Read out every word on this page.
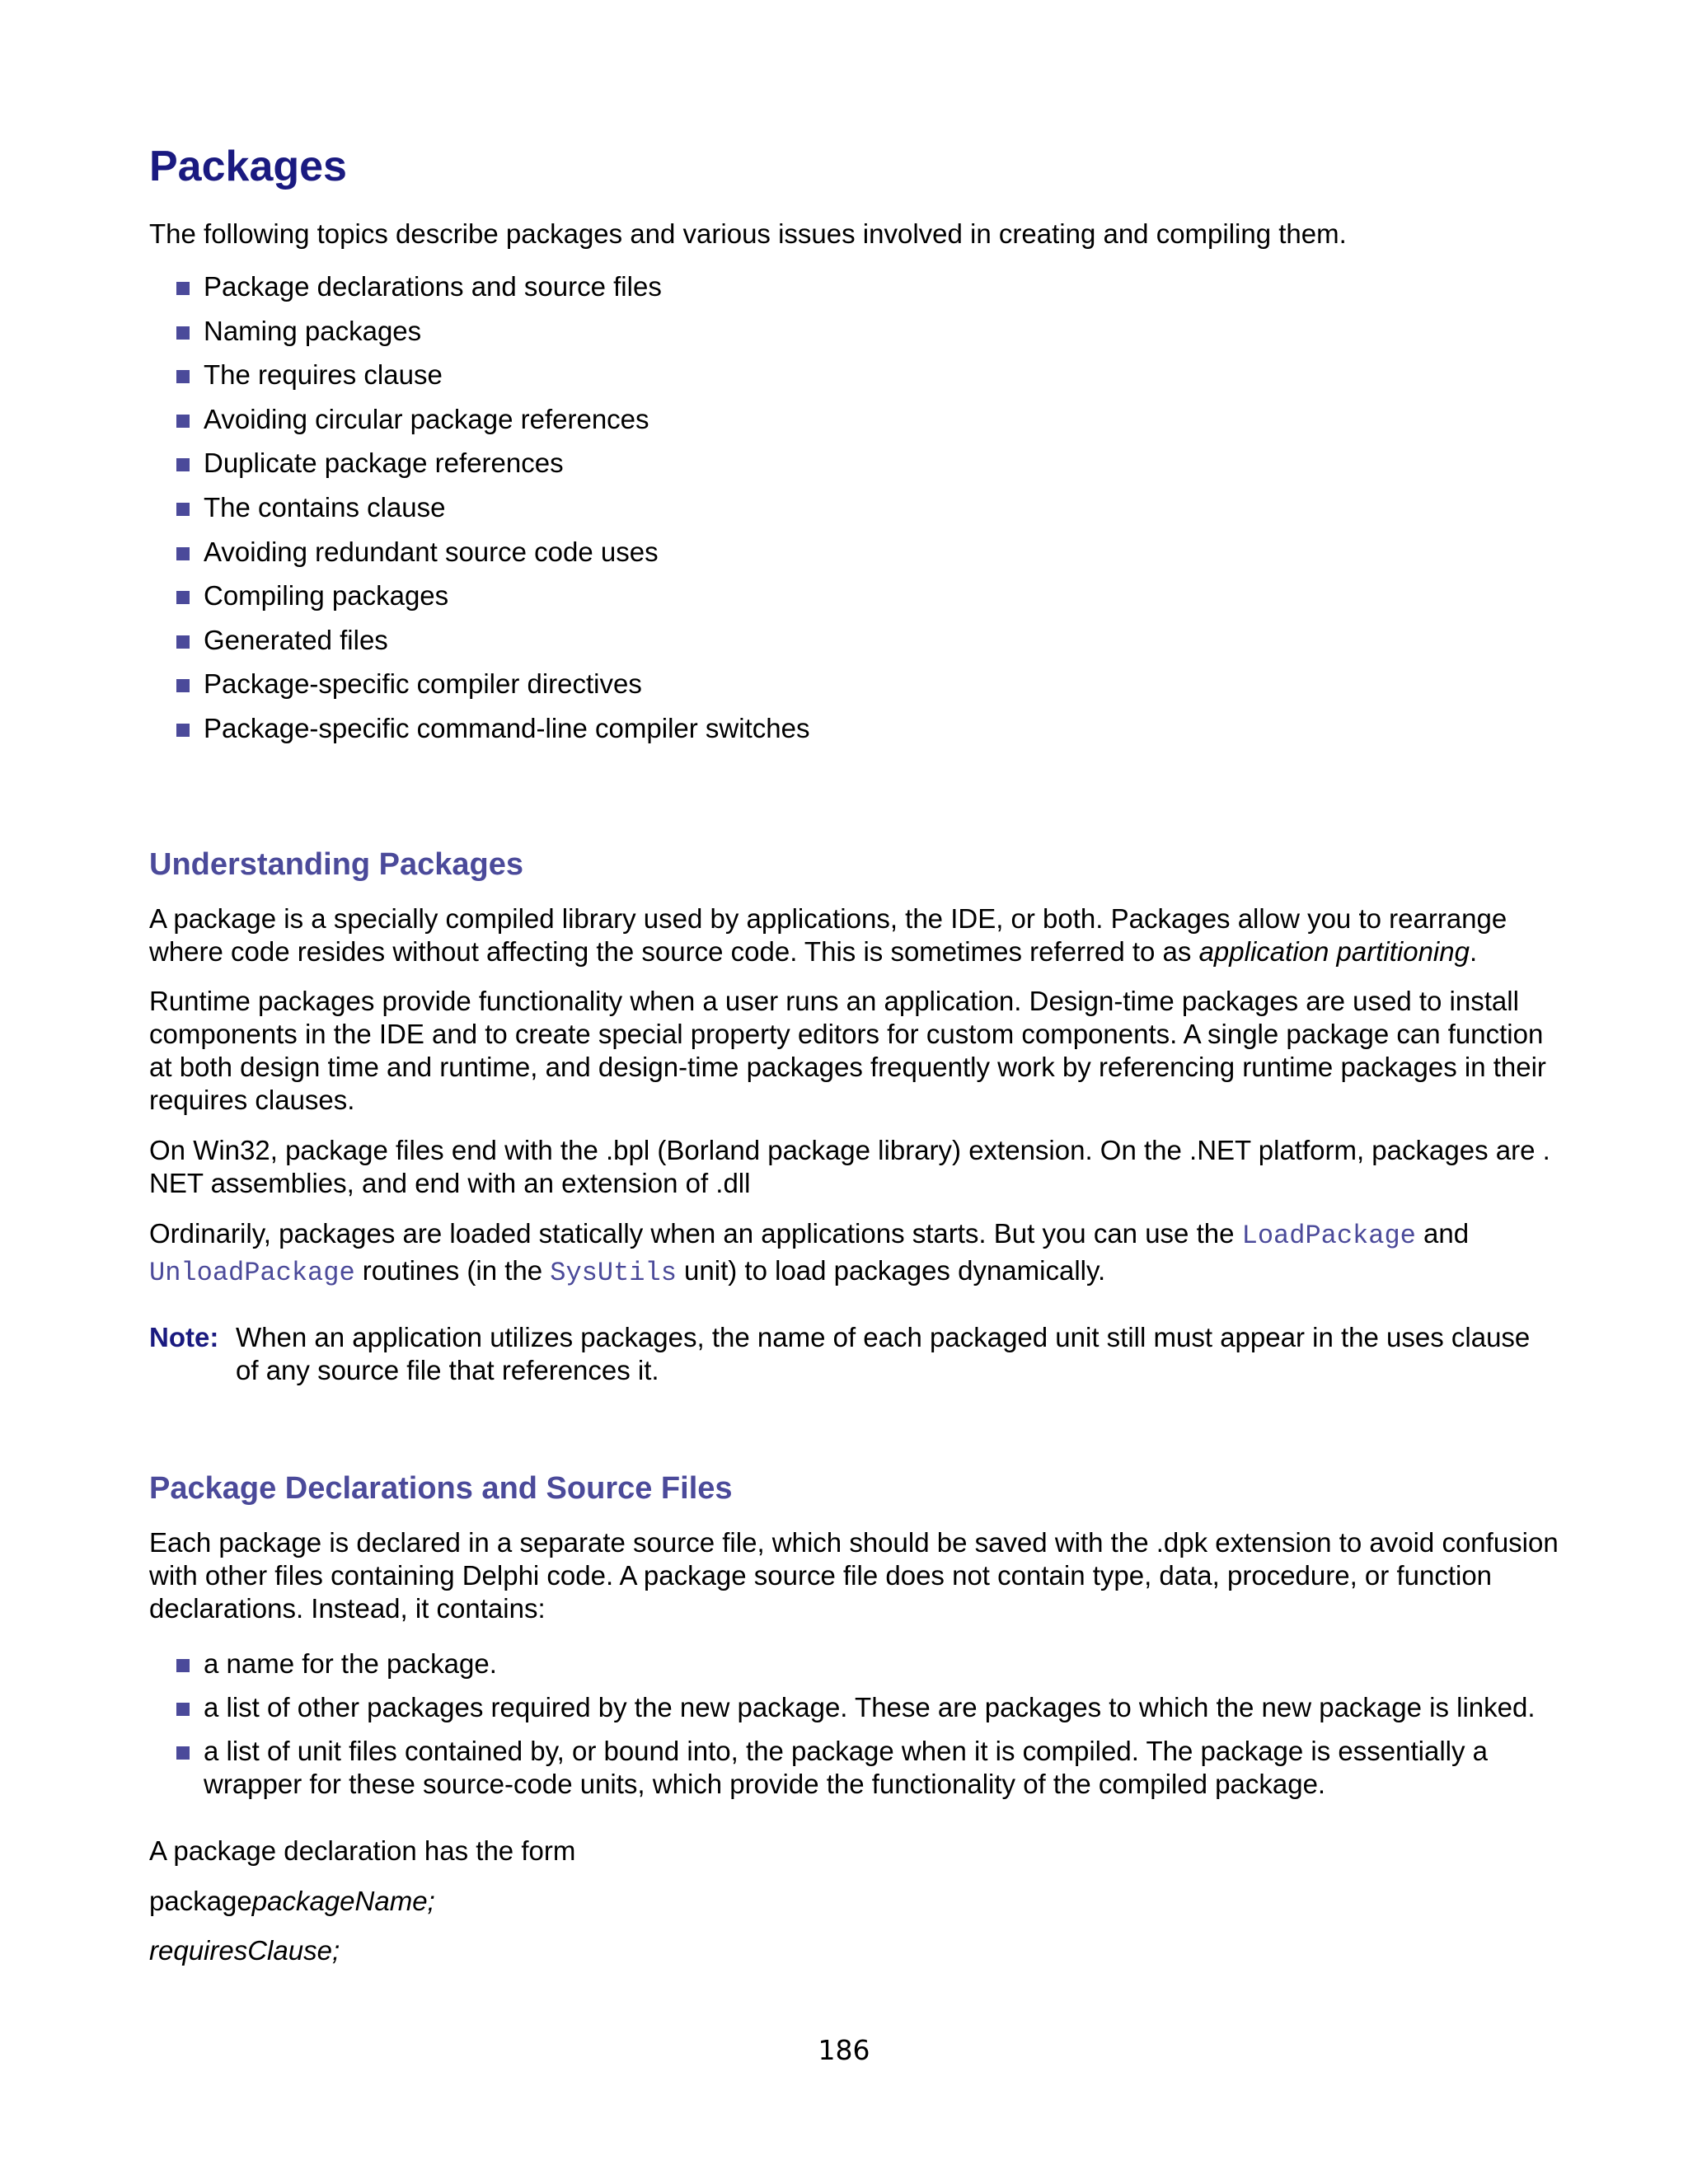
Packages

The following topics describe packages and various issues involved in creating and compiling them.

Package declarations and source files
Naming packages
The requires clause
Avoiding circular package references
Duplicate package references
The contains clause
Avoiding redundant source code uses
Compiling packages
Generated files
Package-specific compiler directives
Package-specific command-line compiler switches
Understanding Packages

A package is a specially compiled library used by applications, the IDE, or both. Packages allow you to rearrange
where code resides without affecting the source code. This is sometimes referred to as application partitioning.

Runtime packages provide functionality when a user runs an application. Design-time packages are used to install
components in the IDE and to create special property editors for custom components. A single package can function
at both design time and runtime, and design-time packages frequently work by referencing runtime packages in their
requires clauses.

On Win32, package files end with the .bpl (Borland package library) extension. On the .NET platform, packages are .
NET assemblies, and end with an extension of .dll

Ordinarily, packages are loaded statically when an applications starts. But you can use the LoadPackage and
UnloadPackage routines (in the SysUtils unit) to load packages dynamically.

Note: When an application utilizes packages, the name of each packaged unit still must appear in the uses clause
of any source file that references it.
Package Declarations and Source Files

Each package is declared in a separate source file, which should be saved with the .dpk extension to avoid confusion
with other files containing Delphi code. A package source file does not contain type, data, procedure, or function
declarations. Instead, it contains:

a name for the package.
a list of other packages required by the new package. These are packages to which the new package is linked.
a list of unit files contained by, or bound into, the package when it is compiled. The package is essentially a
wrapper for these source-code units, which provide the functionality of the compiled package.

A package declaration has the form

packagepackageName;

requiresClause;

186
